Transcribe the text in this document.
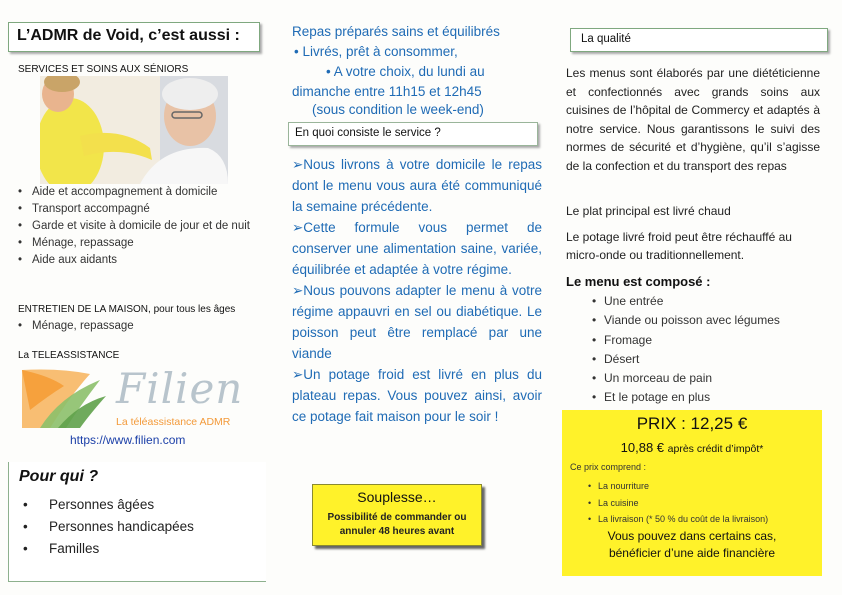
L’ADMR de Void, c’est aussi :
SERVICES ET SOINS AUX SÉNIORS
• Aide et accompagnement à domicile
• Transport accompagné
• Garde et visite à domicile de jour et de nuit
• Ménage, repassage
• Aide aux aidants
ENTRETIEN DE LA MAISON, pour tous les âges
• Ménage, repassage
La TELEASSISTANCE
Filien
La téléassistance ADMR
https://www.filien.com
Pour qui ?
• Personnes âgées
• Personnes handicapées
• Familles
Repas préparés sains et équilibrés
• Livrés, prêt à consommer,
• A votre choix, du lundi au
dimanche entre 11h15 et 12h45
(sous condition le week-end)
En quoi consiste le service ?

➢Nous livrons à votre domicile le repas dont le menu vous aura été communiqué la semaine précédente.

➢Cette formule vous permet de conserver une alimentation saine, variée, équilibrée et adaptée à votre régime.

➢Nous pouvons adapter le menu à votre régime appauvri en sel ou diabétique. Le poisson peut être remplacé par une viande

➢Un potage froid est livré en plus du plateau repas. Vous pouvez ainsi, avoir ce potage fait maison pour le soir !

Souplesse…
Possibilité de commander ou annuler 48 heures avant
La qualité
Les menus sont élaborés par une diététicienne et confectionnés avec grands soins aux cuisines de l’hôpital de Commercy et adaptés à notre service. Nous garantissons le suivi des normes de sécurité et d’hygiène, qu’il s’agisse de la confection et du transport des repas
Le plat principal est livré chaud
Le potage livré froid peut être réchauffé au
micro-onde ou traditionnellement.
Le menu est composé :
• Une entrée
• Viande ou poisson avec légumes
• Fromage
• Désert
• Un morceau de pain
• Et le potage en plus
PRIX : 12,25 €
10,88 € après crédit d’impôt*
Ce prix comprend :
• La nourriture
• La cuisine
• La livraison (* 50 % du coût de la livraison)
Vous pouvez dans certains cas,
bénéficier d’une aide financière
